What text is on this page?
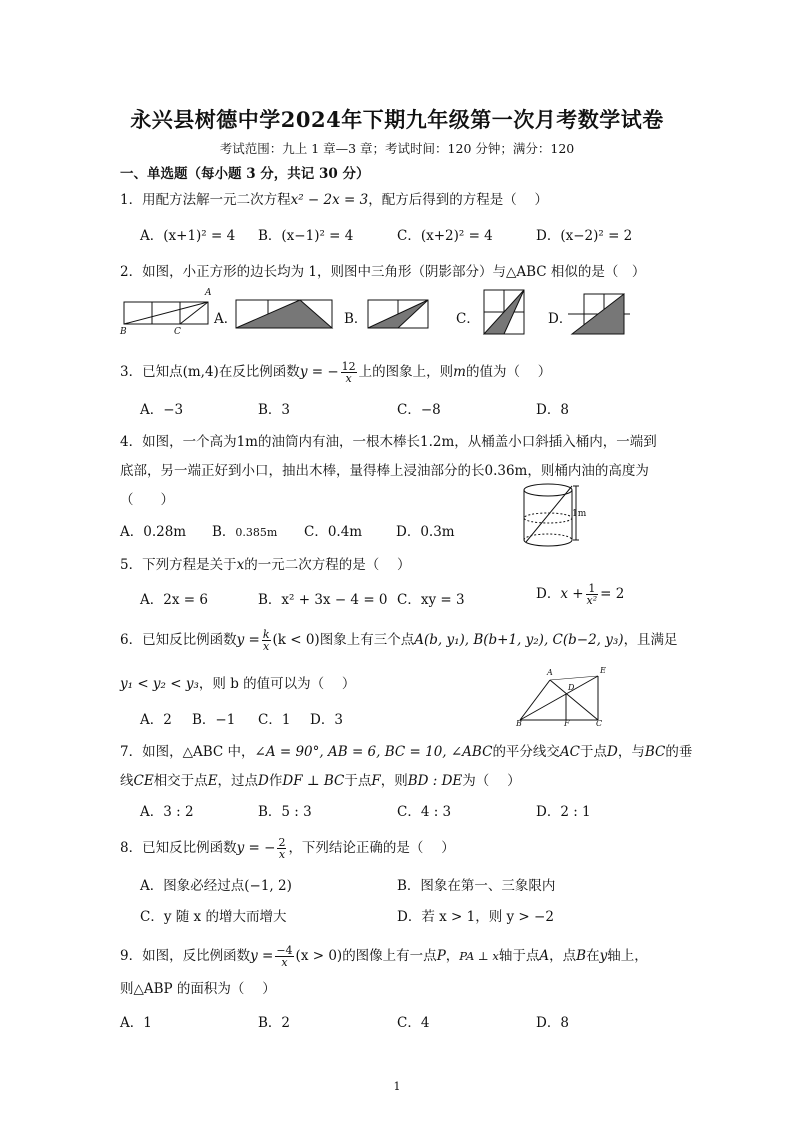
永兴县树德中学2024年下期九年级第一次月考数学试卷
考试范围：九上 1 章—3 章；考试时间：120 分钟；满分：120
一、单选题（每小题 3 分，共记 30 分）
1．用配方法解一元二次方程x² − 2x = 3，配方后得到的方程是（　 ）
A．(x+1)² = 4 B．(x−1)² = 4	C．(x+2)² = 4	D．(x−2)² = 2
2．如图，小正方形的边长均为 1，则图中三角形（阴影部分）与△ABC 相似的是（　）
A
B	C
A．	B．	C．	D．
3．已知点(m,4)在反比例函数y = − $\frac{12}{x}$ 上的图象上，则m的值为（　 ）
A．−3	B．3	C．−8	D．8
4．如图，一个高为1m的油筒内有油，一根木棒长1.2m，从桶盖小口斜插入桶内，一端到
底部，另一端正好到小口，抽出木棒，量得棒上浸油部分的长0.36m，则桶内油的高度为
（　　）
A．0.28m B．0.385m C．0.4m	D．0.3m
1m
5．下列方程是关于x的一元二次方程的是（　 ）
A．2x = 6	B．x² + 3x − 4 = 0 C．xy = 3	D．$x + \frac{1}{\text{x²}} = 2$
6．已知反比例函数$y = \frac{k}{x} (k < 0)$图象上有三个点A(b, y₁), B(b+1, y₂), C(b−2, y₃)，且满足
y₁ < y₂ < y₃，则 b 的值可以为（　 ）
A．2 B．−1 C．1 D．3
A	E
D
B	F	C
7．如图，△ABC 中，∠A = 90°, AB = 6, BC = 10, ∠ABC的平分线交AC于点D，与BC的垂
线CE相交于点E，过点D作DF ⊥ BC于点F，则BD : DE为（　 ）
A．3 : 2	B．5 : 3	C．4 : 3	D．2 : 1
8．已知反比例函数y = − $\frac{2}{x}$ ，下列结论正确的是（　 ）
A．图象必经过点(−1, 2)	B．图象在第一、三象限内
C．y 随 x 的增大而增大	D．若 x > 1，则 y > −2
9．如图，反比例函数$y = \frac{-4}{x} (x > 0)$的图像上有一点P，PA ⊥ x轴于点A，点B在y轴上，
则△ABP 的面积为（　 ）
A．1	B．2	C．4	D．8
1
